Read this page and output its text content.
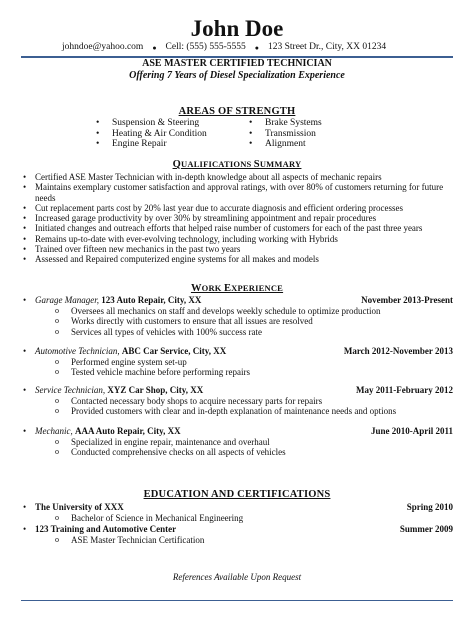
John Doe
johndoe@yahoo.com ● Cell: (555) 555-5555 ● 123 Street Dr., City, XX 01234
ASE MASTER CERTIFIED TECHNICIAN
Offering 7 Years of Diesel Specialization Experience
AREAS OF STRENGTH
• Suspension & Steering	• Brake Systems
• Heating & Air Condition	• Transmission
• Engine Repair	• Alignment
QUALIFICATIONS SUMMARY
• Certified ASE Master Technician with in-depth knowledge about all aspects of mechanic repairs
• Maintains exemplary customer satisfaction and approval ratings, with over 80% of customers returning for future needs
• Cut replacement parts cost by 20% last year due to accurate diagnosis and efficient ordering processes
• Increased garage productivity by over 30% by streamlining appointment and repair procedures
• Initiated changes and outreach efforts that helped raise number of customers for each of the past three years
• Remains up-to-date with ever-evolving technology, including working with Hybrids
• Trained over fifteen new mechanics in the past two years
• Assessed and Repaired computerized engine systems for all makes and models
WORK EXPERIENCE
• Garage Manager, 123 Auto Repair, City, XX	November 2013-Present
o Oversees all mechanics on staff and develops weekly schedule to optimize production
o Works directly with customers to ensure that all issues are resolved
o Services all types of vehicles with 100% success rate
• Automotive Technician, ABC Car Service, City, XX	March 2012-November 2013
o Performed engine system set-up
o Tested vehicle machine before performing repairs
• Service Technician, XYZ Car Shop, City, XX	May 2011-February 2012
o Contacted necessary body shops to acquire necessary parts for repairs
o Provided customers with clear and in-depth explanation of maintenance needs and options
• Mechanic, AAA Auto Repair, City, XX	June 2010-April 2011
o Specialized in engine repair, maintenance and overhaul
o Conducted comprehensive checks on all aspects of vehicles
EDUCATION AND CERTIFICATIONS
• The University of XXX	Spring 2010
o Bachelor of Science in Mechanical Engineering
• 123 Training and Automotive Center	Summer 2009
o ASE Master Technician Certification
References Available Upon Request
